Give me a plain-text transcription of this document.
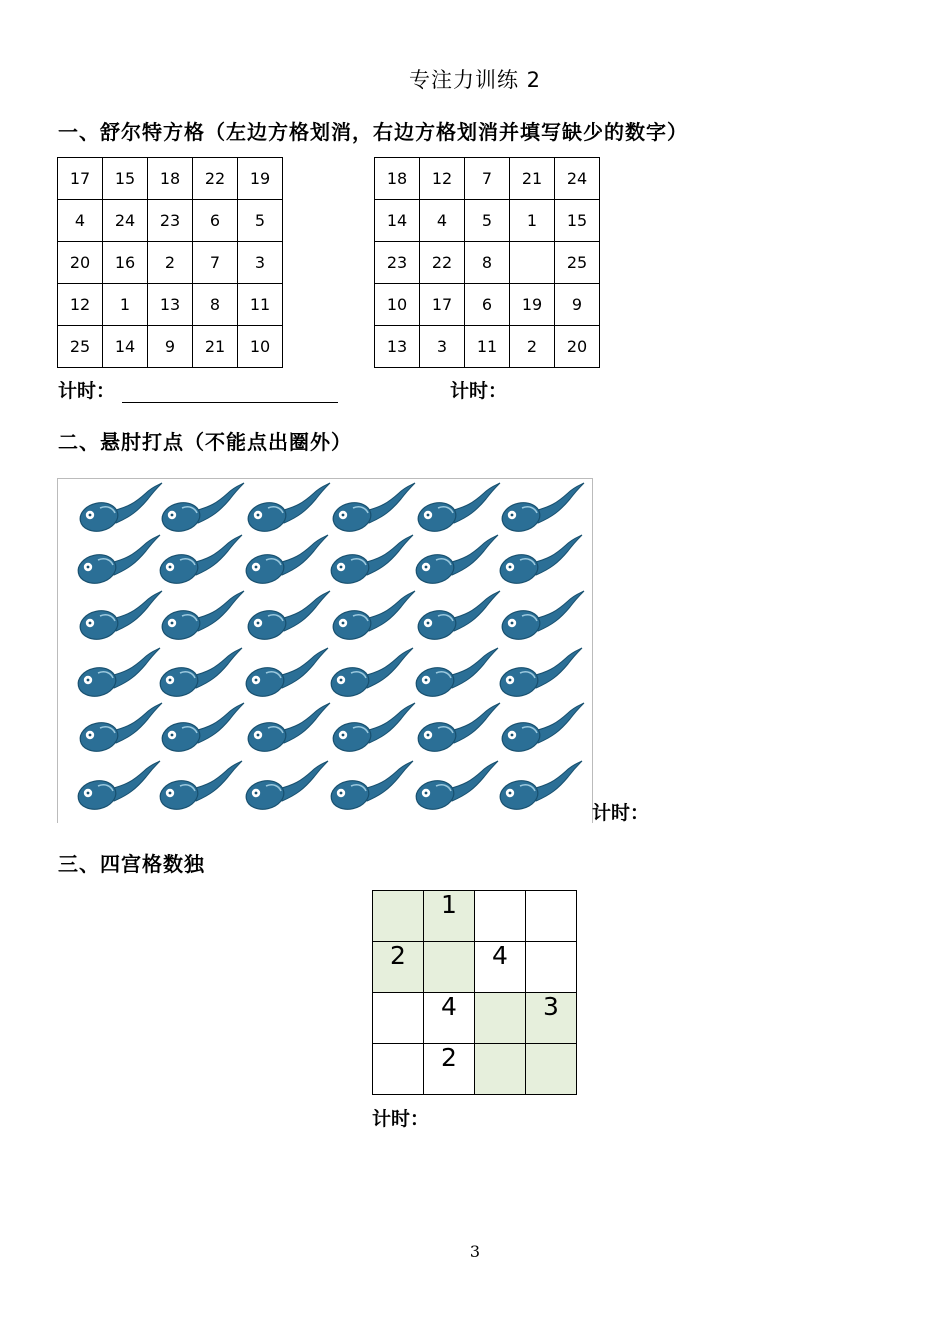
专注力训练 2
一、舒尔特方格（左边方格划消，右边方格划消并填写缺少的数字）
17	15	18	22	19
4	24	23	6	5
20	16	2	7	3
12	1	13	8	11
25	14	9	21	10
18	12	7	21	24
14	4	5	1	15
23	22	8		25
10	17	6	19	9
13	3	11	2	20
计时：	计时：
二、悬肘打点（不能点出圈外）
计时：
三、四宫格数独
	1		
2		4	
	4		3
	2		
计时：
3
